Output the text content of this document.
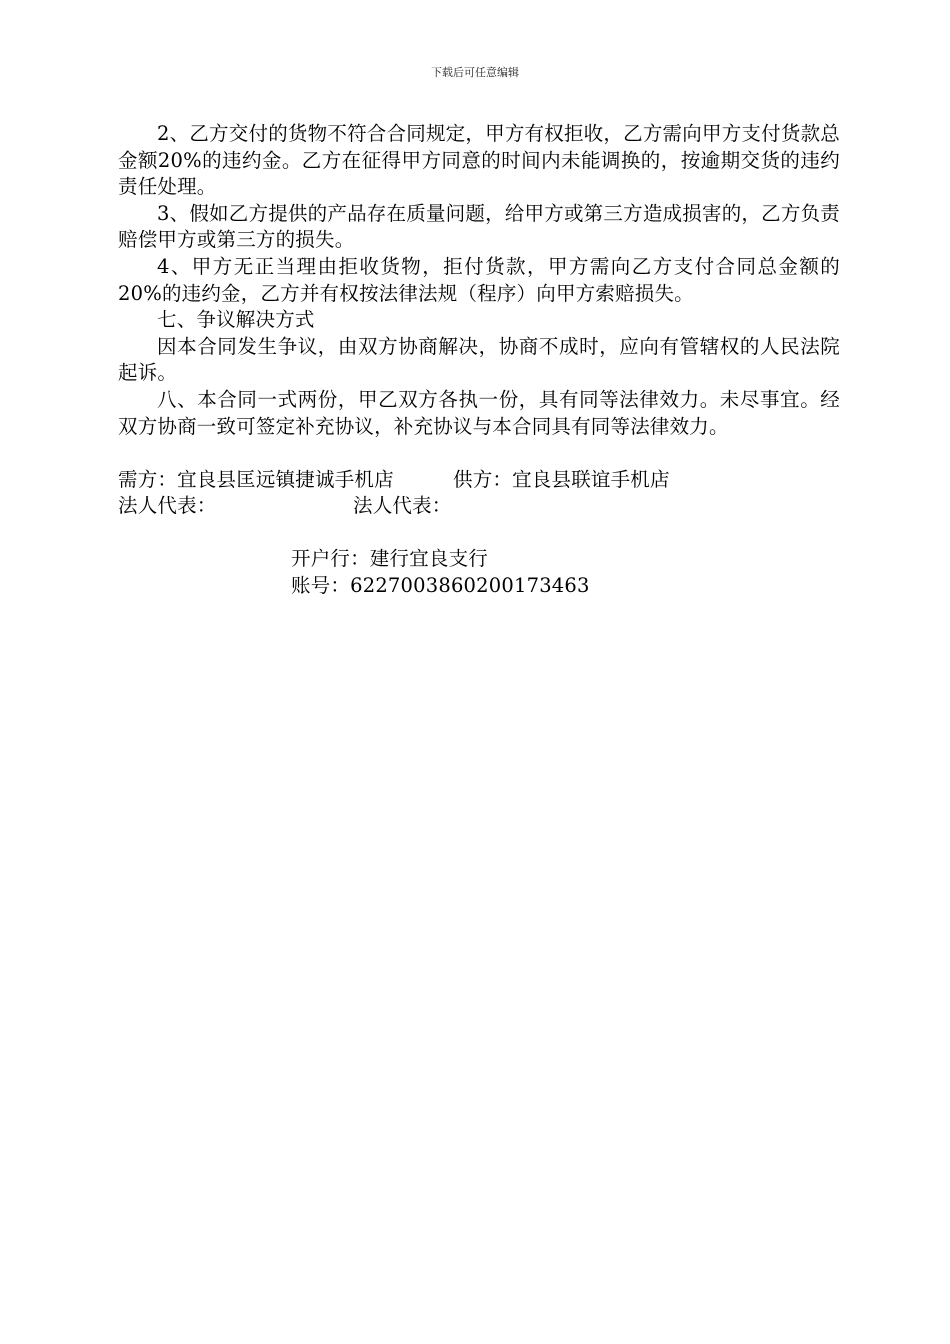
下载后可任意编辑

2、乙方交付的货物不符合合同规定，甲方有权拒收，乙方需向甲方支付货款总金额20%的违约金。乙方在征得甲方同意的时间内未能调换的，按逾期交货的违约责任处理。

3、假如乙方提供的产品存在质量问题，给甲方或第三方造成损害的，乙方负责赔偿甲方或第三方的损失。

4、甲方无正当理由拒收货物，拒付货款，甲方需向乙方支付合同总金额的20%的违约金，乙方并有权按法律法规（程序）向甲方索赔损失。

七、争议解决方式

因本合同发生争议，由双方协商解决，协商不成时，应向有管辖权的人民法院起诉。

八、本合同一式两份，甲乙双方各执一份，具有同等法律效力。未尽事宜。经双方协商一致可签定补充协议，补充协议与本合同具有同等法律效力。

需方：宜良县匡远镇捷诚手机店

	供方：宜良县联谊手机店

法人代表：

	法人代表：

开户行：建行宜良支行

账号：6227003860200173463
